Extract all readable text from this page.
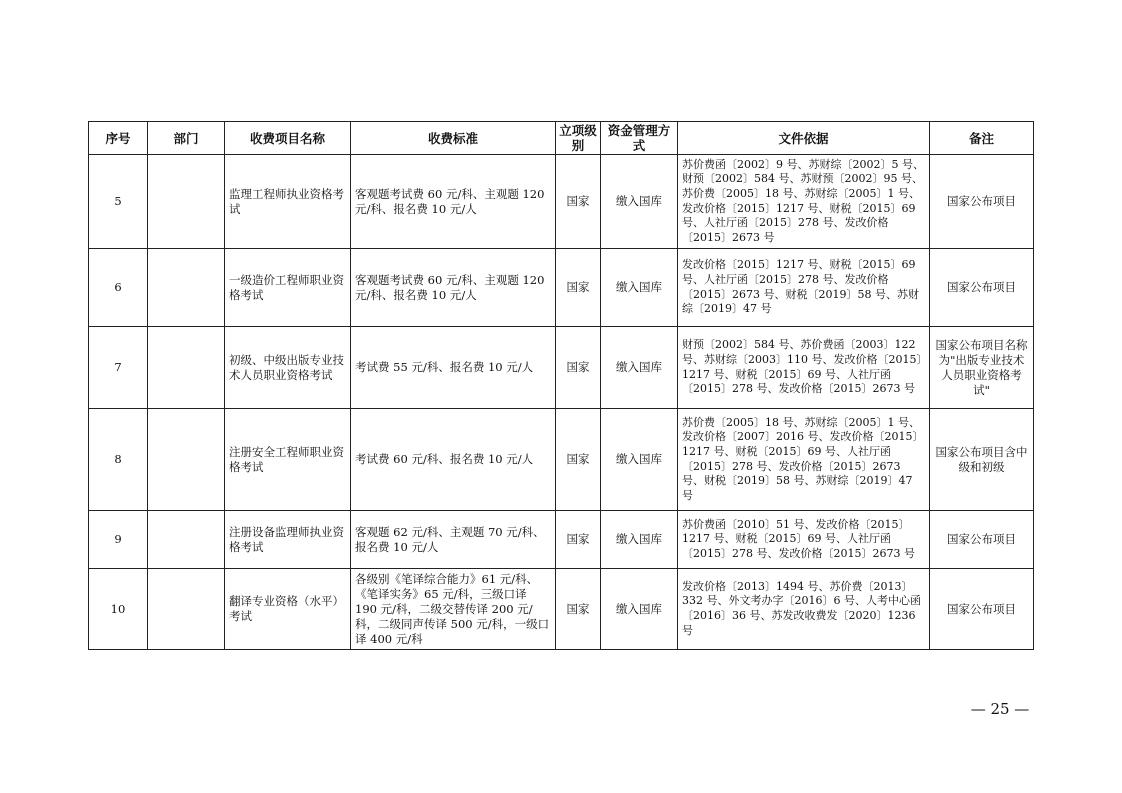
序号	部门	收费项目名称	收费标准	立项级别	资金管理方式	文件依据	备注
5		监理工程师执业资格考试	客观题考试费 60 元/科、主观题 120 元/科、报名费 10 元/人	国家	缴入国库	苏价费函〔2002〕9 号、苏财综〔2002〕5 号、财预〔2002〕584 号、苏财预〔2002〕95 号、苏价费〔2005〕18 号、苏财综〔2005〕1 号、发改价格〔2015〕1217 号、财税〔2015〕69 号、人社厅函〔2015〕278 号、发改价格〔2015〕2673 号	国家公布项目
6		一级造价工程师职业资格考试	客观题考试费 60 元/科、主观题 120 元/科、报名费 10 元/人	国家	缴入国库	发改价格〔2015〕1217 号、财税〔2015〕69 号、人社厅函〔2015〕278 号、发改价格〔2015〕2673 号、财税〔2019〕58 号、苏财综〔2019〕47 号	国家公布项目
7		初级、中级出版专业技术人员职业资格考试	考试费 55 元/科、报名费 10 元/人	国家	缴入国库	财预〔2002〕584 号、苏价费函〔2003〕122 号、苏财综〔2003〕110 号、发改价格〔2015〕1217 号、财税〔2015〕69 号、人社厅函〔2015〕278 号、发改价格〔2015〕2673 号	国家公布项目名称为"出版专业技术人员职业资格考试"
8		注册安全工程师职业资格考试	考试费 60 元/科、报名费 10 元/人	国家	缴入国库	苏价费〔2005〕18 号、苏财综〔2005〕1 号、发改价格〔2007〕2016 号、发改价格〔2015〕1217 号、财税〔2015〕69 号、人社厅函〔2015〕278 号、发改价格〔2015〕2673 号、财税〔2019〕58 号、苏财综〔2019〕47 号	国家公布项目含中级和初级
9		注册设备监理师执业资格考试	客观题 62 元/科、主观题 70 元/科、报名费 10 元/人	国家	缴入国库	苏价费函〔2010〕51 号、发改价格〔2015〕1217 号、财税〔2015〕69 号、人社厅函〔2015〕278 号、发改价格〔2015〕2673 号	国家公布项目
10		翻译专业资格（水平）考试	各级别《笔译综合能力》61 元/科、《笔译实务》65 元/科，三级口译 190 元/科，二级交替传译 200 元/科，二级同声传译 500 元/科，一级口译 400 元/科	国家	缴入国库	发改价格〔2013〕1494 号、苏价费〔2013〕332 号、外文考办字〔2016〕6 号、人考中心函〔2016〕36 号、苏发改收费发〔2020〕1236 号	国家公布项目
— 25 —
